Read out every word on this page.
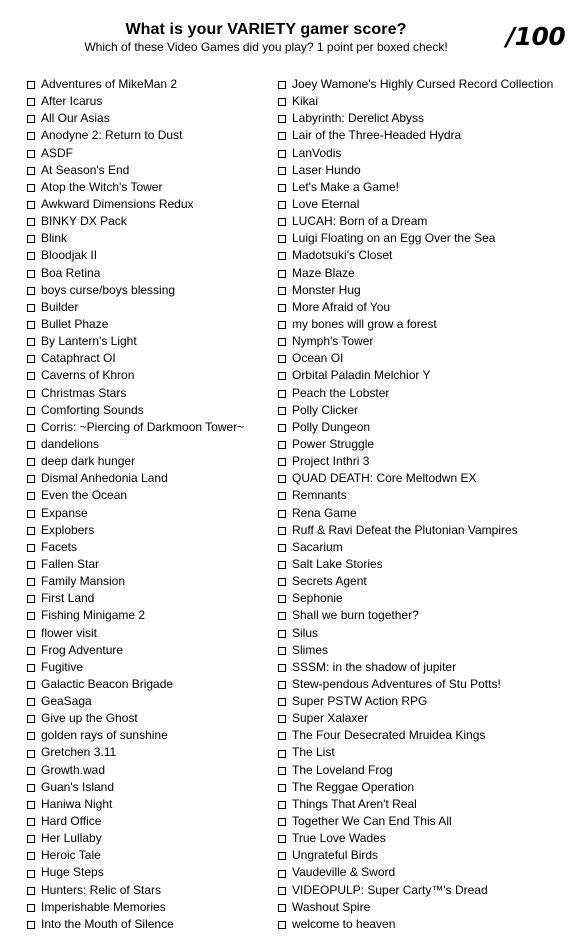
What is your VARIETY gamer score?
Which of these Video Games did you play? 1 point per boxed check!	/100
Adventures of MikeMan 2
After Icarus
All Our Asias
Anodyne 2: Return to Dust
ASDF
At Season's End
Atop the Witch's Tower
Awkward Dimensions Redux
BINKY DX Pack
Blink
Bloodjak II
Boa Retina
boys curse/boys blessing
Builder
Bullet Phaze
By Lantern's Light
Cataphract OI
Caverns of Khron
Christmas Stars
Comforting Sounds
Corris: ~Piercing of Darkmoon Tower~
dandelions
deep dark hunger
Dismal Anhedonia Land
Even the Ocean
Expanse
Explobers
Facets
Fallen Star
Family Mansion
First Land
Fishing Minigame 2
flower visit
Frog Adventure
Fugitive
Galactic Beacon Brigade
GeaSaga
Give up the Ghost
golden rays of sunshine
Gretchen 3.11
Growth.wad
Guan's Island
Haniwa Night
Hard Office
Her Lullaby
Heroic Tale
Huge Steps
Hunters: Relic of Stars
Imperishable Memories
Into the Mouth of Silence
Joey Wamone's Highly Cursed Record Collection
Kikai
Labyrinth: Derelict Abyss
Lair of the Three-Headed Hydra
LanVodis
Laser Hundo
Let's Make a Game!
Love Eternal
LUCAH: Born of a Dream
Luigi Floating on an Egg Over the Sea
Madotsuki's Closet
Maze Blaze
Monster Hug
More Afraid of You
my bones will grow a forest
Nymph's Tower
Ocean OI
Orbital Paladin Melchior Y
Peach the Lobster
Polly Clicker
Polly Dungeon
Power Struggle
Project Inthri 3
QUAD DEATH: Core Meltodwn EX
Remnants
Rena Game
Ruff & Ravi Defeat the Plutonian Vampires
Sacarium
Salt Lake Stories
Secrets Agent
Sephonie
Shall we burn together?
Silus
Slimes
SSSM: in the shadow of jupiter
Stew-pendous Adventures of Stu Potts!
Super PSTW Action RPG
Super Xalaxer
The Four Desecrated Mruidea Kings
The List
The Loveland Frog
The Reggae Operation
Things That Aren't Real
Together We Can End This All
True Love Wades
Ungrateful Birds
Vaudeville & Sword
VIDEOPULP: Super Carty™'s Dread
Washout Spire
welcome to heaven
